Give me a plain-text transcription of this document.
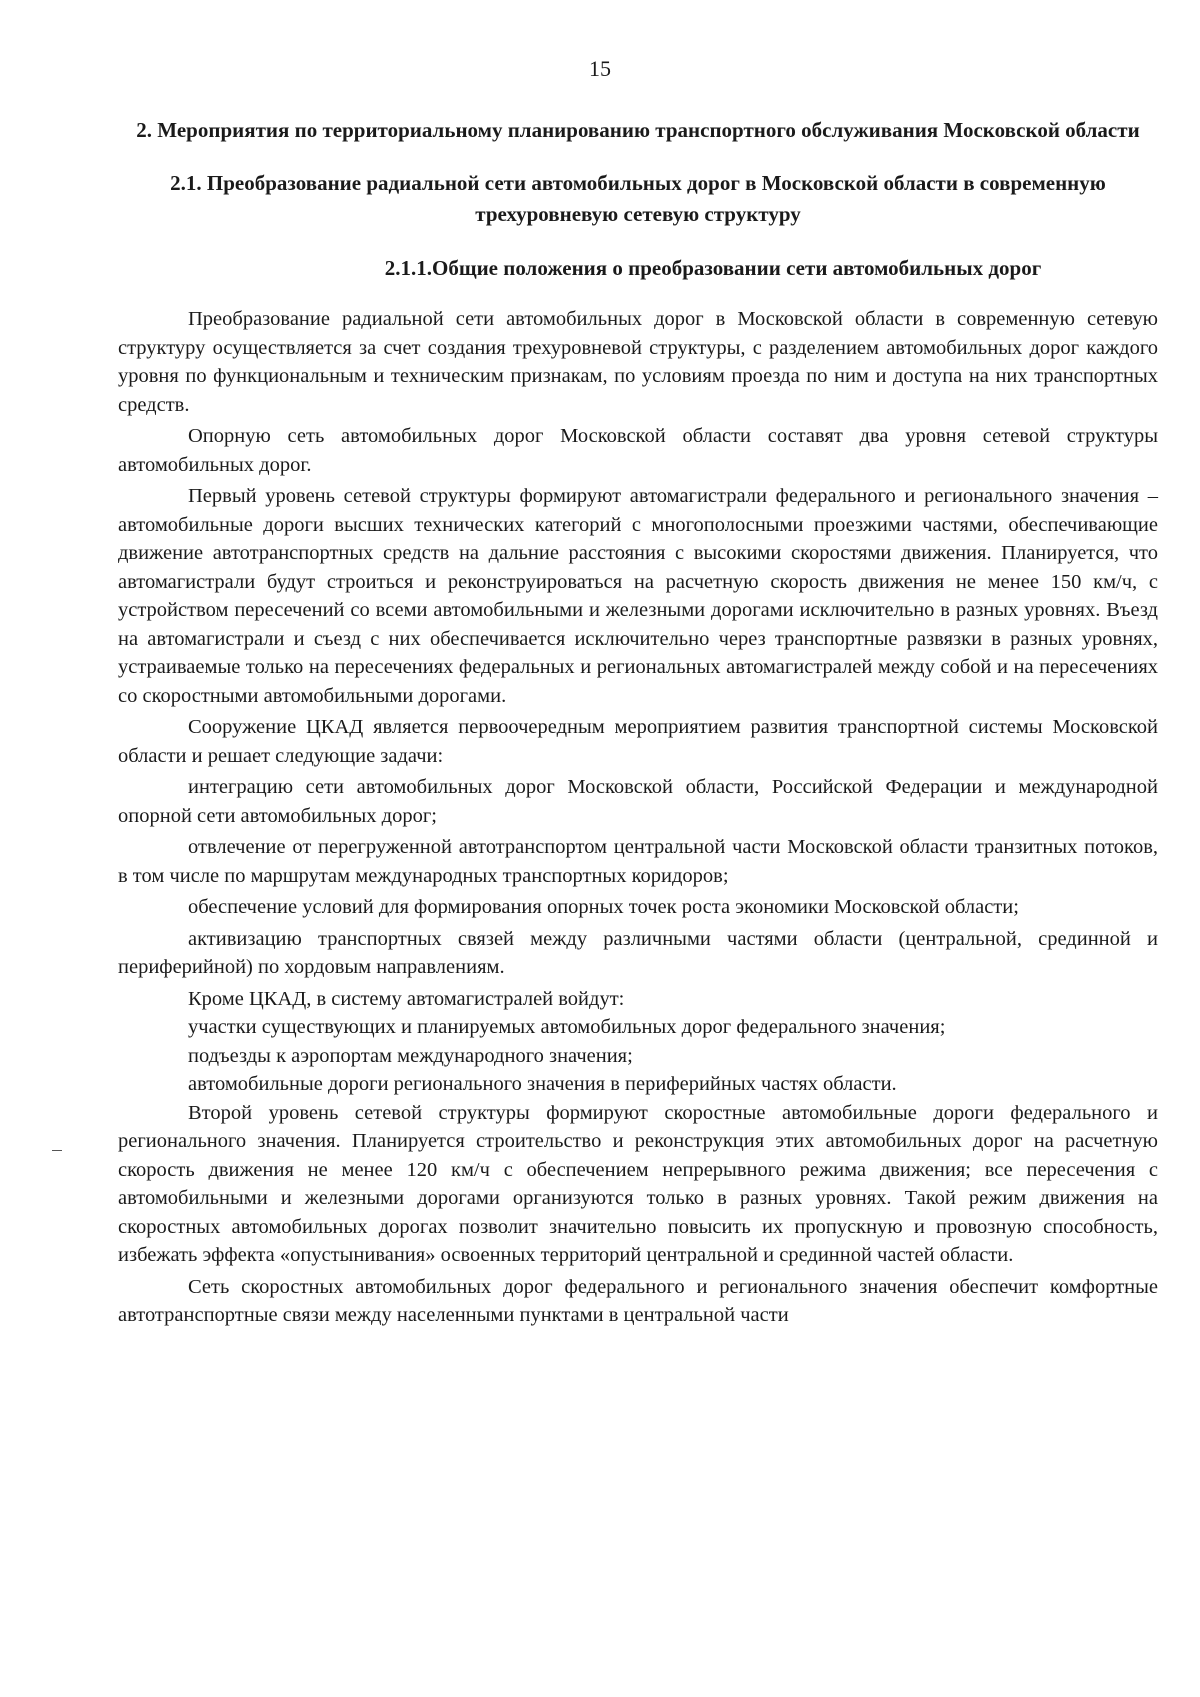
15
2. Мероприятия по территориальному планированию транспортного обслуживания Московской области
2.1. Преобразование радиальной сети автомобильных дорог в Московской области в современную трехуровневую сетевую структуру
2.1.1.Общие положения о преобразовании сети автомобильных дорог

Преобразование радиальной сети автомобильных дорог в Московской области в современную сетевую структуру осуществляется за счет создания трехуровневой структуры, с разделением автомобильных дорог каждого уровня по функциональным и техническим признакам, по условиям проезда по ним и доступа на них транспортных средств.

Опорную сеть автомобильных дорог Московской области составят два уровня сетевой структуры автомобильных дорог.

Первый уровень сетевой структуры формируют автомагистрали федерального и регионального значения – автомобильные дороги высших технических категорий с многополосными проезжими частями, обеспечивающие движение автотранспортных средств на дальние расстояния с высокими скоростями движения. Планируется, что автомагистрали будут строиться и реконструироваться на расчетную скорость движения не менее 150 км/ч, с устройством пересечений со всеми автомобильными и железными дорогами исключительно в разных уровнях. Въезд на автомагистрали и съезд с них обеспечивается исключительно через транспортные развязки в разных уровнях, устраиваемые только на пересечениях федеральных и региональных автомагистралей между собой и на пересечениях со скоростными автомобильными дорогами.

Сооружение ЦКАД является первоочередным мероприятием развития транспортной системы Московской области и решает следующие задачи:

интеграцию сети автомобильных дорог Московской области, Российской Федерации и международной опорной сети автомобильных дорог;

отвлечение от перегруженной автотранспортом центральной части Московской области транзитных потоков, в том числе по маршрутам международных транспортных коридоров;

обеспечение условий для формирования опорных точек роста экономики Московской области;

активизацию транспортных связей между различными частями области (центральной, срединной и периферийной) по хордовым направлениям.

Кроме ЦКАД, в систему автомагистралей войдут:

участки существующих и планируемых автомобильных дорог федерального значения;

подъезды к аэропортам международного значения;

автомобильные дороги регионального значения в периферийных частях области.

Второй уровень сетевой структуры формируют скоростные автомобильные дороги федерального и регионального значения. Планируется строительство и реконструкция этих автомобильных дорог на расчетную скорость движения не менее 120 км/ч с обеспечением непрерывного режима движения; все пересечения с автомобильными и железными дорогами организуются только в разных уровнях. Такой режим движения на скоростных автомобильных дорогах позволит значительно повысить их пропускную и провозную способность, избежать эффекта «опустынивания» освоенных территорий центральной и срединной частей области.

Сеть скоростных автомобильных дорог федерального и регионального значения обеспечит комфортные автотранспортные связи между населенными пунктами в центральной части
